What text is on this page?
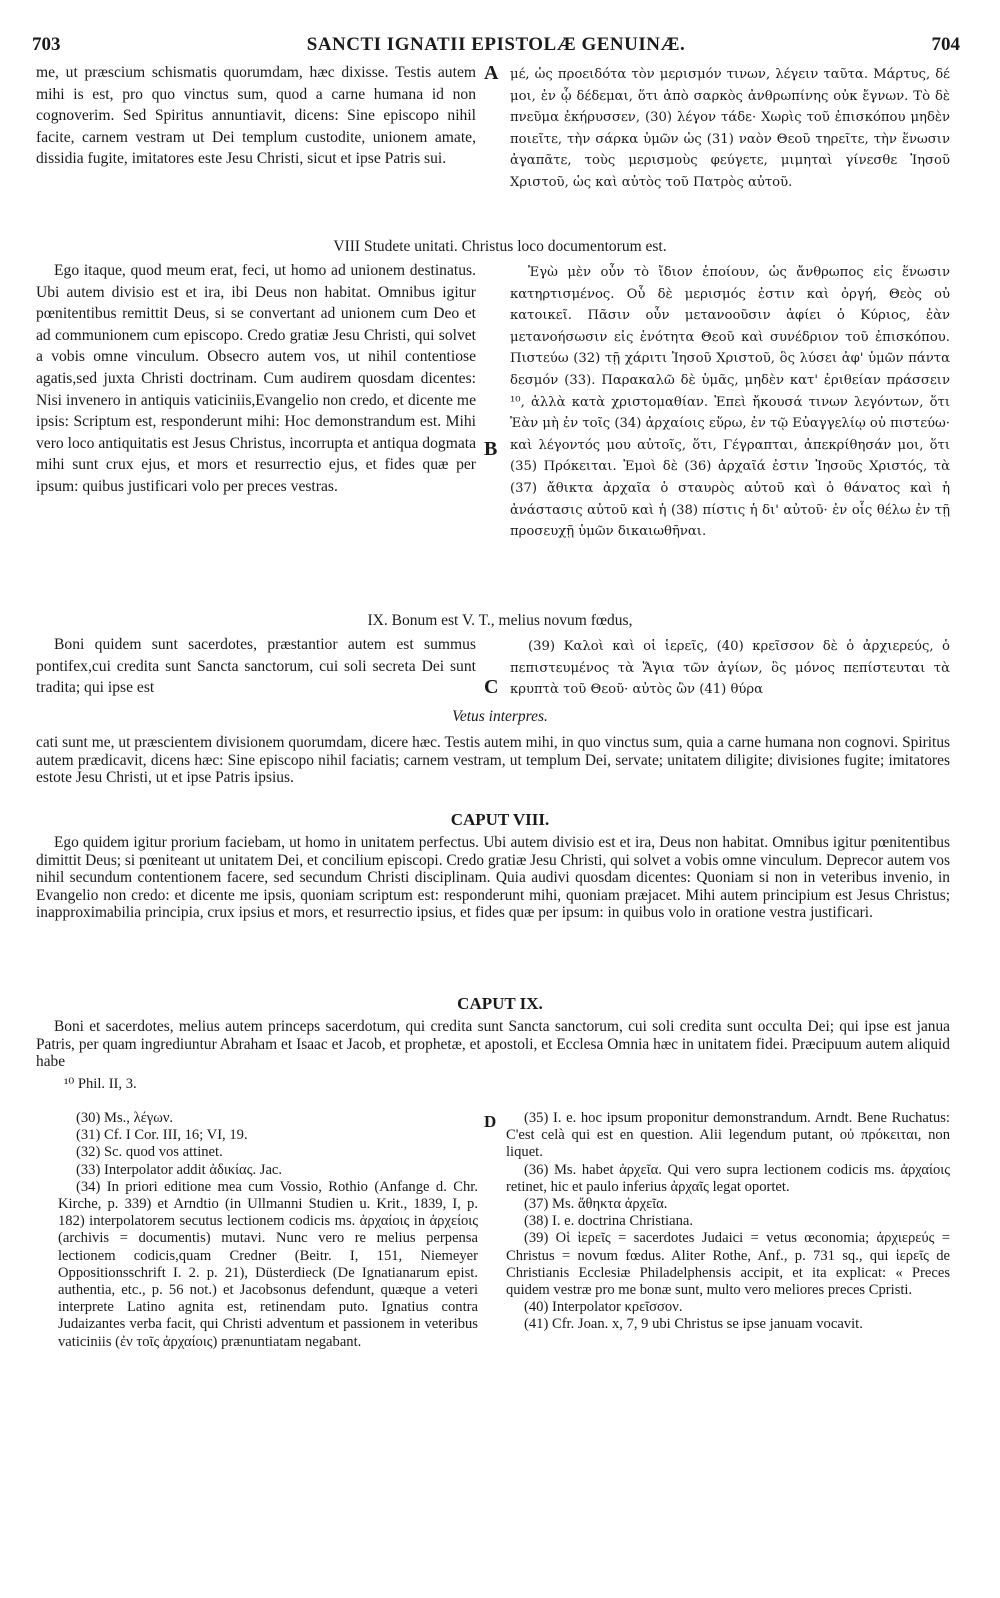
703	SANCTI IGNATII EPISTOLÆ GENUINÆ.	704

me, ut præscium schismatis quorumdam, hæc dixisse. Testis autem mihi is est, pro quo vinctus sum, quod a carne humana id non cognoverim. Sed Spiritus annuntiavit, dicens: Sine episcopo nihil facite, carnem vestram ut Dei templum custodite, unionem amate, dissidia fugite, imitatores este Jesu Christi, sicut et ipse Patris sui.

A μέ, ὡς προειδότα τὸν μερισμόν τινων, λέγειν ταῦτα. Μάρτυς, δέ μοι, ἐν ᾧ δέδεμαι, ὅτι ἀπὸ σαρκὸς ἀνθρωπίνης οὐκ ἔγνων. Τὸ δὲ πνεῦμα ἐκήρυσσεν, (30) λέγον τάδε· Χωρὶς τοῦ ἐπισκόπου μηδὲν ποιεῖτε, τὴν σάρκα ὑμῶν ὡς (31) ναὸν Θεοῦ τηρεῖτε, τὴν ἕνωσιν ἀγαπᾶτε, τοὺς μερισμοὺς φεύγετε, μιμηταὶ γίνεσθε Ἰησοῦ Χριστοῦ, ὡς καὶ αὐτὸς τοῦ Πατρὸς αὐτοῦ.

VIII Studete unitati. Christus loco documentorum est.

Ego itaque, quod meum erat, feci, ut homo ad unionem destinatus. Ubi autem divisio est et ira, ibi Deus non habitat. Omnibus igitur pœnitentibus remittit Deus, si se convertant ad unionem cum Deo et ad communionem cum episcopo. Credo gratiæ Jesu Christi, qui solvet a vobis omne vinculum. Obsecro autem vos, ut nihil contentiose agatis,sed juxta Christi doctrinam. Cum audirem quosdam dicentes: Nisi invenero in antiquis vaticiniis,Evangelio non credo, et dicente me ipsis: Scriptum est, responderunt mihi: Hoc demonstrandum est. Mihi vero loco antiquitatis est Jesus Christus, incorrupta et antiqua dogmata mihi sunt crux ejus, et mors et resurrectio ejus, et fides quæ per ipsum: quibus justificari volo per preces vestras.

B

Ἐγὼ μὲν οὖν τὸ ἴδιον ἐποίουν, ὡς ἄνθρωπος εἰς ἕνωσιν κατηρτισμένος. Οὗ δὲ μερισμός ἐστιν καὶ ὀργή, Θεὸς οὐ κατοικεῖ. Πᾶσιν οὖν μετανοοῦσιν ἀφίει ὁ Κύριος, ἐὰν μετανοήσωσιν εἰς ἑνότητα Θεοῦ καὶ συνέδριον τοῦ ἐπισκόπου. Πιστεύω (32) τῇ χάριτι Ἰησοῦ Χριστοῦ, ὃς λύσει ἀφ' ὑμῶν πάντα δεσμόν (33). Παρακαλῶ δὲ ὑμᾶς, μηδὲν κατ' ἐριθείαν πράσσειν ¹⁰, ἀλλὰ κατὰ χριστομαθίαν. Ἐπεὶ ἤκουσά τινων λεγόντων, ὅτι Ἐὰν μὴ ἐν τοῖς (34) ἀρχαίοις εὕρω, ἐν τῷ Εὐαγγελίῳ οὐ πιστεύω· καὶ λέγοντός μου αὐτοῖς, ὅτι, Γέγραπται, ἀπεκρίθησάν μοι, ὅτι (35) Πρόκειται. Ἐμοὶ δὲ (36) ἀρχαῖά ἐστιν Ἰησοῦς Χριστός, τὰ (37) ἄθικτα ἀρχαῖα ὁ σταυρὸς αὐτοῦ καὶ ὁ θάνατος καὶ ἡ ἀνάστασις αὐτοῦ καὶ ἡ (38) πίστις ἡ δι' αὐτοῦ· ἐν οἷς θέλω ἐν τῇ προσευχῇ ὑμῶν δικαιωθῆναι.

IX. Bonum est V. T., melius novum fœdus,

Boni quidem sunt sacerdotes, præstantior autem est summus pontifex,cui credita sunt Sancta sanctorum, cui soli secreta Dei sunt tradita; qui ipse est	C

(39) Καλοὶ καὶ οἱ ἱερεῖς, (40) κρεῖσσον δὲ ὁ ἀρχιερεύς, ὁ πεπιστευμένος τὰ Ἅγια τῶν ἁγίων, ὃς μόνος πεπίστευται τὰ κρυπτὰ τοῦ Θεοῦ· αὐτὸς ὢν (41) θύρα

Vetus interpres.

cati sunt me, ut præscientem divisionem quorumdam, dicere hæc. Testis autem mihi, in quo vinctus sum, quia a carne humana non cognovi. Spiritus autem prædicavit, dicens hæc: Sine episcopo nihil faciatis; carnem vestram, ut templum Dei, servate; unitatem diligite; divisiones fugite; imitatores estote Jesu Christi, ut et ipse Patris ipsius.

CAPUT VIII.

Ego quidem igitur prorium faciebam, ut homo in unitatem perfectus. Ubi autem divisio est et ira, Deus non habitat. Omnibus igitur pœnitentibus dimittit Deus; si pœniteant ut unitatem Dei, et concilium episcopi. Credo gratiæ Jesu Christi, qui solvet a vobis omne vinculum. Deprecor autem vos nihil secundum contentionem facere, sed secundum Christi disciplinam. Quia audivi quosdam dicentes: Quoniam si non in veteribus invenio, in Evangelio non credo: et dicente me ipsis, quoniam scriptum est: responderunt mihi, quoniam præjacet. Mihi autem principium est Jesus Christus; inapproximabilia principia, crux ipsius et mors, et resurrectio ipsius, et fides quæ per ipsum: in quibus volo in oratione vestra justificari.

CAPUT IX.

Boni et sacerdotes, melius autem princeps sacerdotum, qui credita sunt Sancta sanctorum, cui soli credita sunt occulta Dei; qui ipse est janua Patris, per quam ingrediuntur Abraham et Isaac et Jacob, et prophetæ, et apostoli, et Ecclesa Omnia hæc in unitatem fidei. Præcipuum autem aliquid habe

¹⁰ Phil. II, 3.

(30) Ms., λέγων.

(31) Cf. I Cor. III, 16; VI, 19.

(32) Sc. quod vos attinet.

(33) Interpolator addit ἀδικίας. Jac.

(34) In priori editione mea cum Vossio, Rothio (Anfange d. Chr. Kirche, p. 339) et Arndtio (in Ullmanni Studien u. Krit., 1839, I, p. 182) interpolatorem secutus lectionem codicis ms. ἀρχαίοις in ἀρχείοις (archivis = documentis) mutavi. Nunc vero re melius perpensa lectionem codicis,quam Credner (Beitr. I, 151, Niemeyer Oppositionsschrift I. 2. p. 21), Düsterdieck (De Ignatianarum epist. authentia, etc., p. 56 not.) et Jacobsonus defendunt, quæque a veteri interprete Latino agnita est, retinendam puto. Ignatius contra Judaizantes verba facit, qui Christi adventum et passionem in veteribus vaticiniis (ἐν τοῖς ἀρχαίοις) prænuntiatam negabant.

D	(35) I. e. hoc ipsum proponitur demonstrandum. Arndt. Bene Ruchatus: C'est celà qui est en question. Alii legendum putant, οὐ πρόκειται, non liquet.

(36) Ms. habet ἀρχεῖα. Qui vero supra lectionem codicis ms. ἀρχαίοις retinet, hic et paulo inferius ἀρχαῖς legat oportet.

(37) Ms. ἄθηκτα ἀρχεῖα.

(38) I. e. doctrina Christiana.

(39) Οἱ ἱερεῖς = sacerdotes Judaici = vetus œconomia; ἀρχιερεύς = Christus = novum fœdus. Aliter Rothe, Anf., p. 731 sq., qui ἱερεῖς de Christianis Ecclesiæ Philadelphensis accipit, et ita explicat: « Preces quidem vestræ pro me bonæ sunt, multo vero meliores preces Cpristi.

(40) Interpolator κρεῖσσον.

(41) Cfr. Joan. x, 7, 9 ubi Christus se ipse januam vocavit.
